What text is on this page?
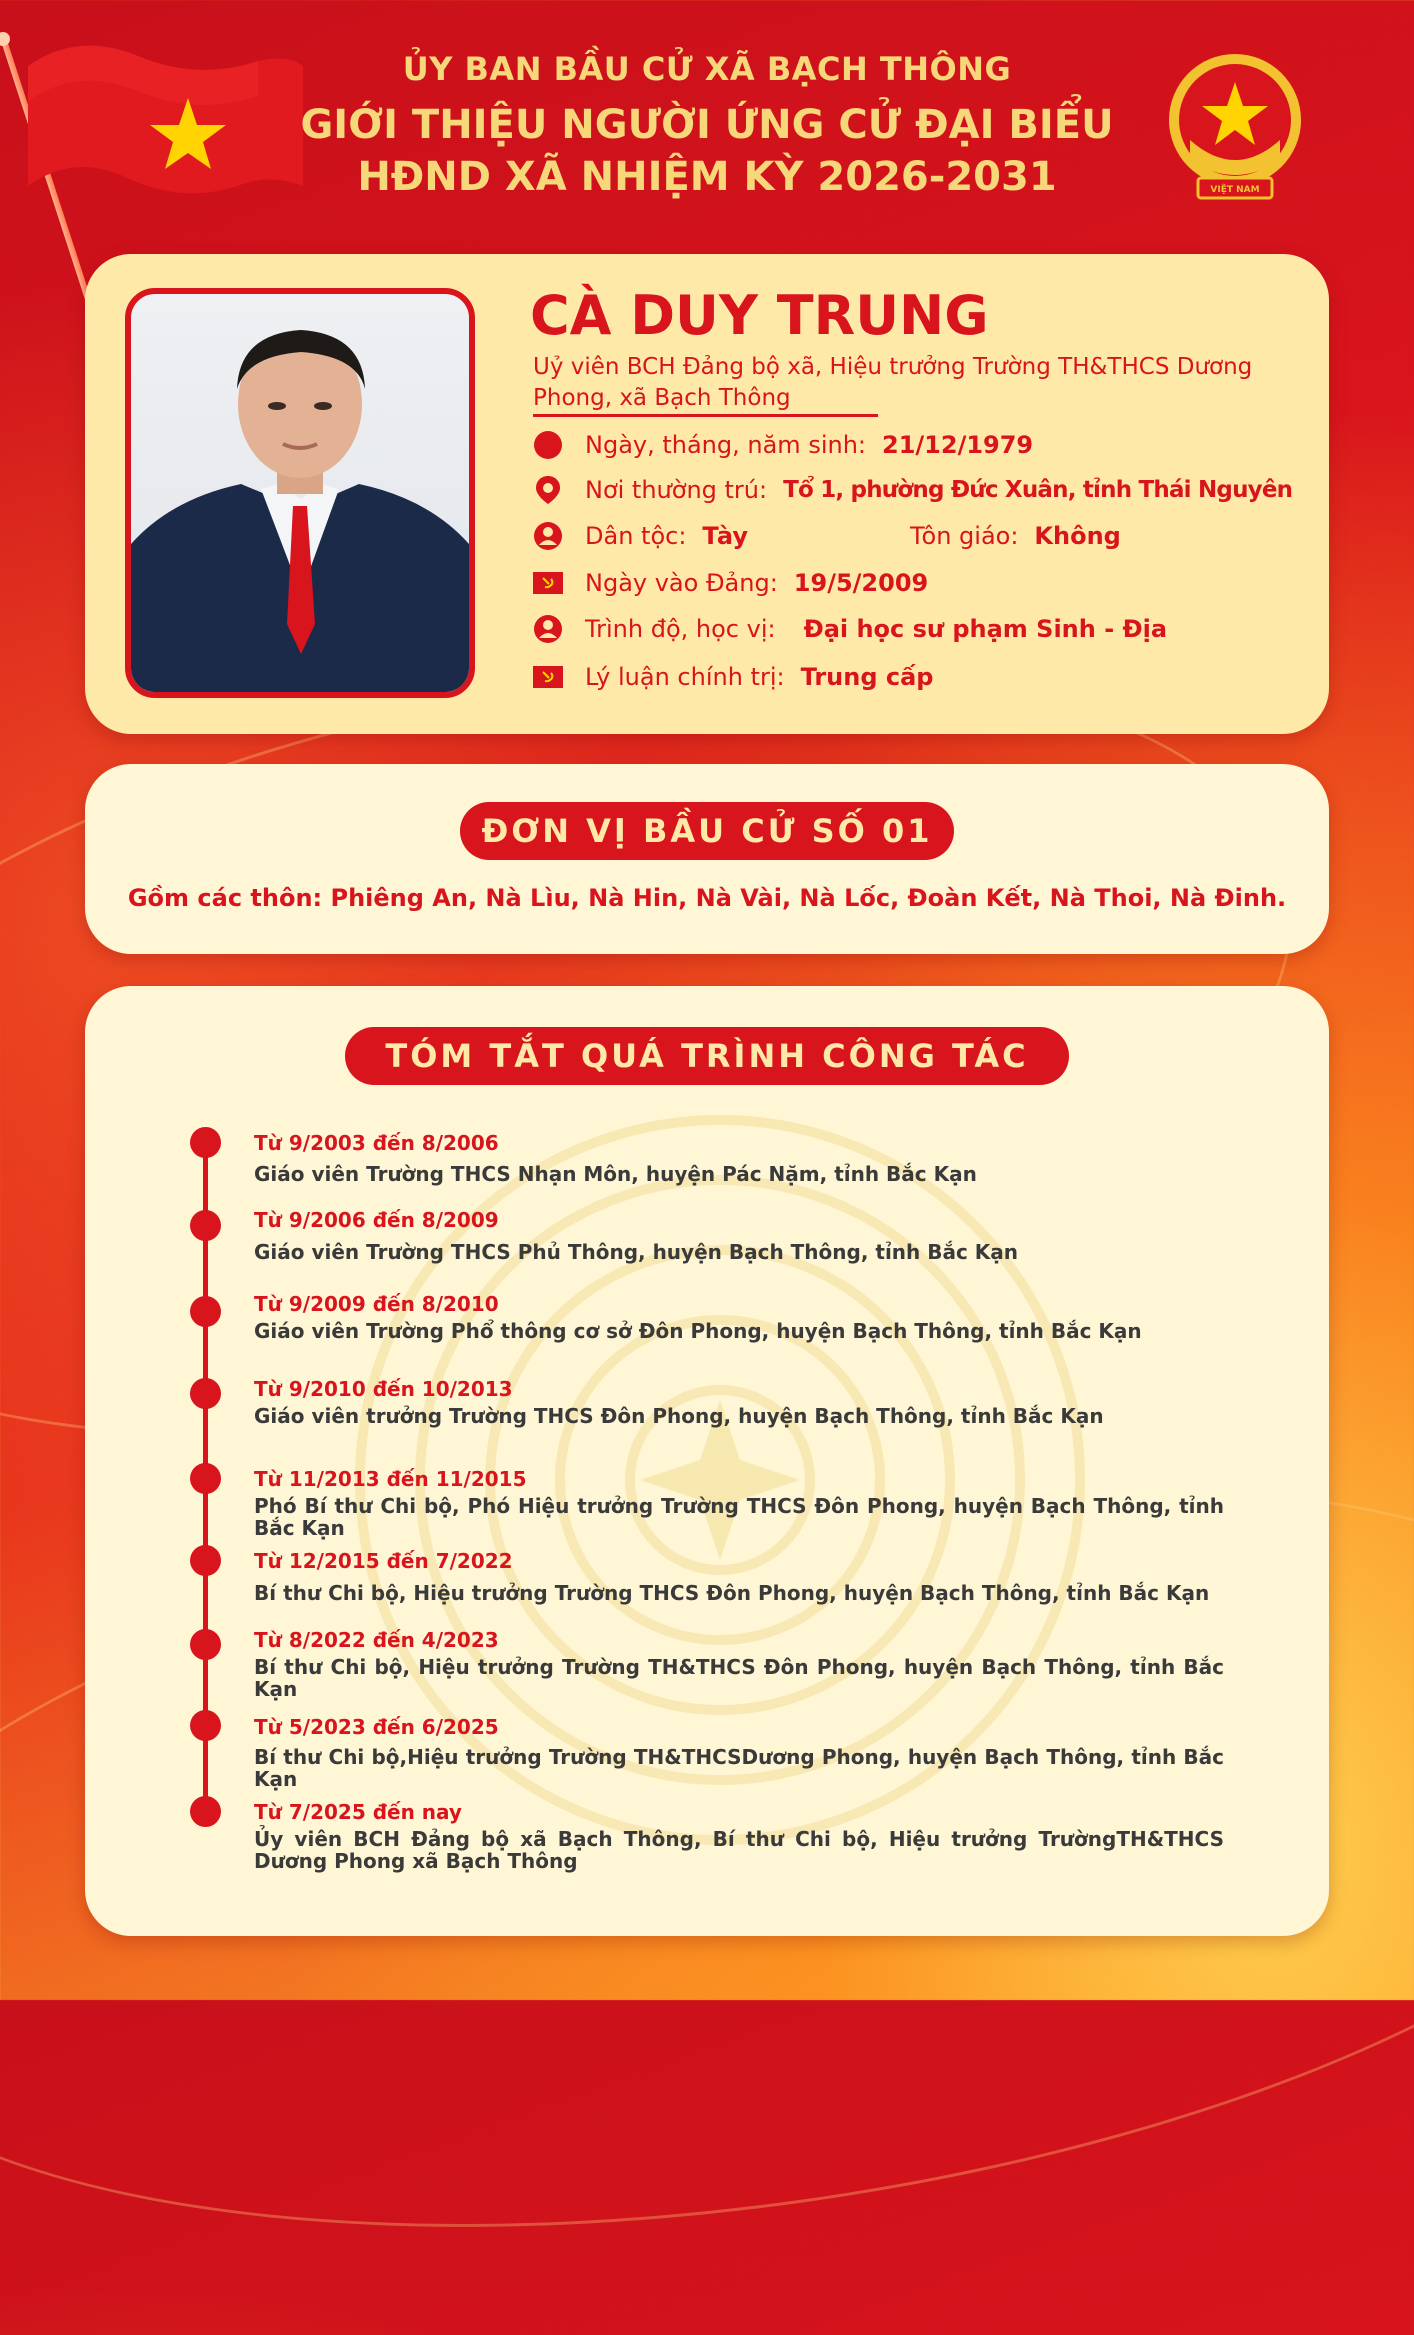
VIỆT NAM
ỦY BAN BẦU CỬ XÃ BẠCH THÔNG
GIỚI THIỆU NGƯỜI ỨNG CỬ ĐẠI BIỂU
HĐND XÃ NHIỆM KỲ 2026-2031
CÀ DUY TRUNG
Uỷ viên BCH Đảng bộ xã, Hiệu trưởng Trường TH&THCS Dương Phong, xã Bạch Thông
Ngày, tháng, năm sinh: 21/12/1979
Nơi thường trú: Tổ 1, phường Đức Xuân, tỉnh Thái Nguyên
Dân tộc: Tày	Tôn giáo: Không
Ngày vào Đảng: 19/5/2009
Trình độ, học vị: Đại học sư phạm Sinh - Địa
Lý luận chính trị: Trung cấp
ĐƠN VỊ BẦU CỬ SỐ 01
Gồm các thôn: Phiêng An, Nà Lìu, Nà Hin, Nà Vài, Nà Lốc, Đoàn Kết, Nà Thoi, Nà Đinh.
TÓM TẮT QUÁ TRÌNH CÔNG TÁC
Từ 9/2003 đến 8/2006
Giáo viên Trường THCS Nhạn Môn, huyện Pác Nặm, tỉnh Bắc Kạn
Từ 9/2006 đến 8/2009
Giáo viên Trường THCS Phủ Thông, huyện Bạch Thông, tỉnh Bắc Kạn
Từ 9/2009 đến 8/2010
Giáo viên Trường Phổ thông cơ sở Đôn Phong, huyện Bạch Thông, tỉnh Bắc Kạn
Từ 9/2010 đến 10/2013
Giáo viên trưởng Trường THCS Đôn Phong, huyện Bạch Thông, tỉnh Bắc Kạn
Từ 11/2013 đến 11/2015
Phó Bí thư Chi bộ, Phó Hiệu trưởng Trường THCS Đôn Phong, huyện Bạch Thông, tỉnh Bắc Kạn
Từ 12/2015 đến 7/2022
Bí thư Chi bộ, Hiệu trưởng Trường THCS Đôn Phong, huyện Bạch Thông, tỉnh Bắc Kạn
Từ 8/2022 đến 4/2023
Bí thư Chi bộ, Hiệu trưởng Trường TH&THCS Đôn Phong, huyện Bạch Thông, tỉnh Bắc Kạn
Từ 5/2023 đến 6/2025
Bí thư Chi bộ,Hiệu trưởng Trường TH&THCSDương Phong, huyện Bạch Thông, tỉnh Bắc Kạn
Từ 7/2025 đến nay
Ủy viên BCH Đảng bộ xã Bạch Thông, Bí thư Chi bộ, Hiệu trưởng TrườngTH&THCS Dương Phong xã Bạch Thông
